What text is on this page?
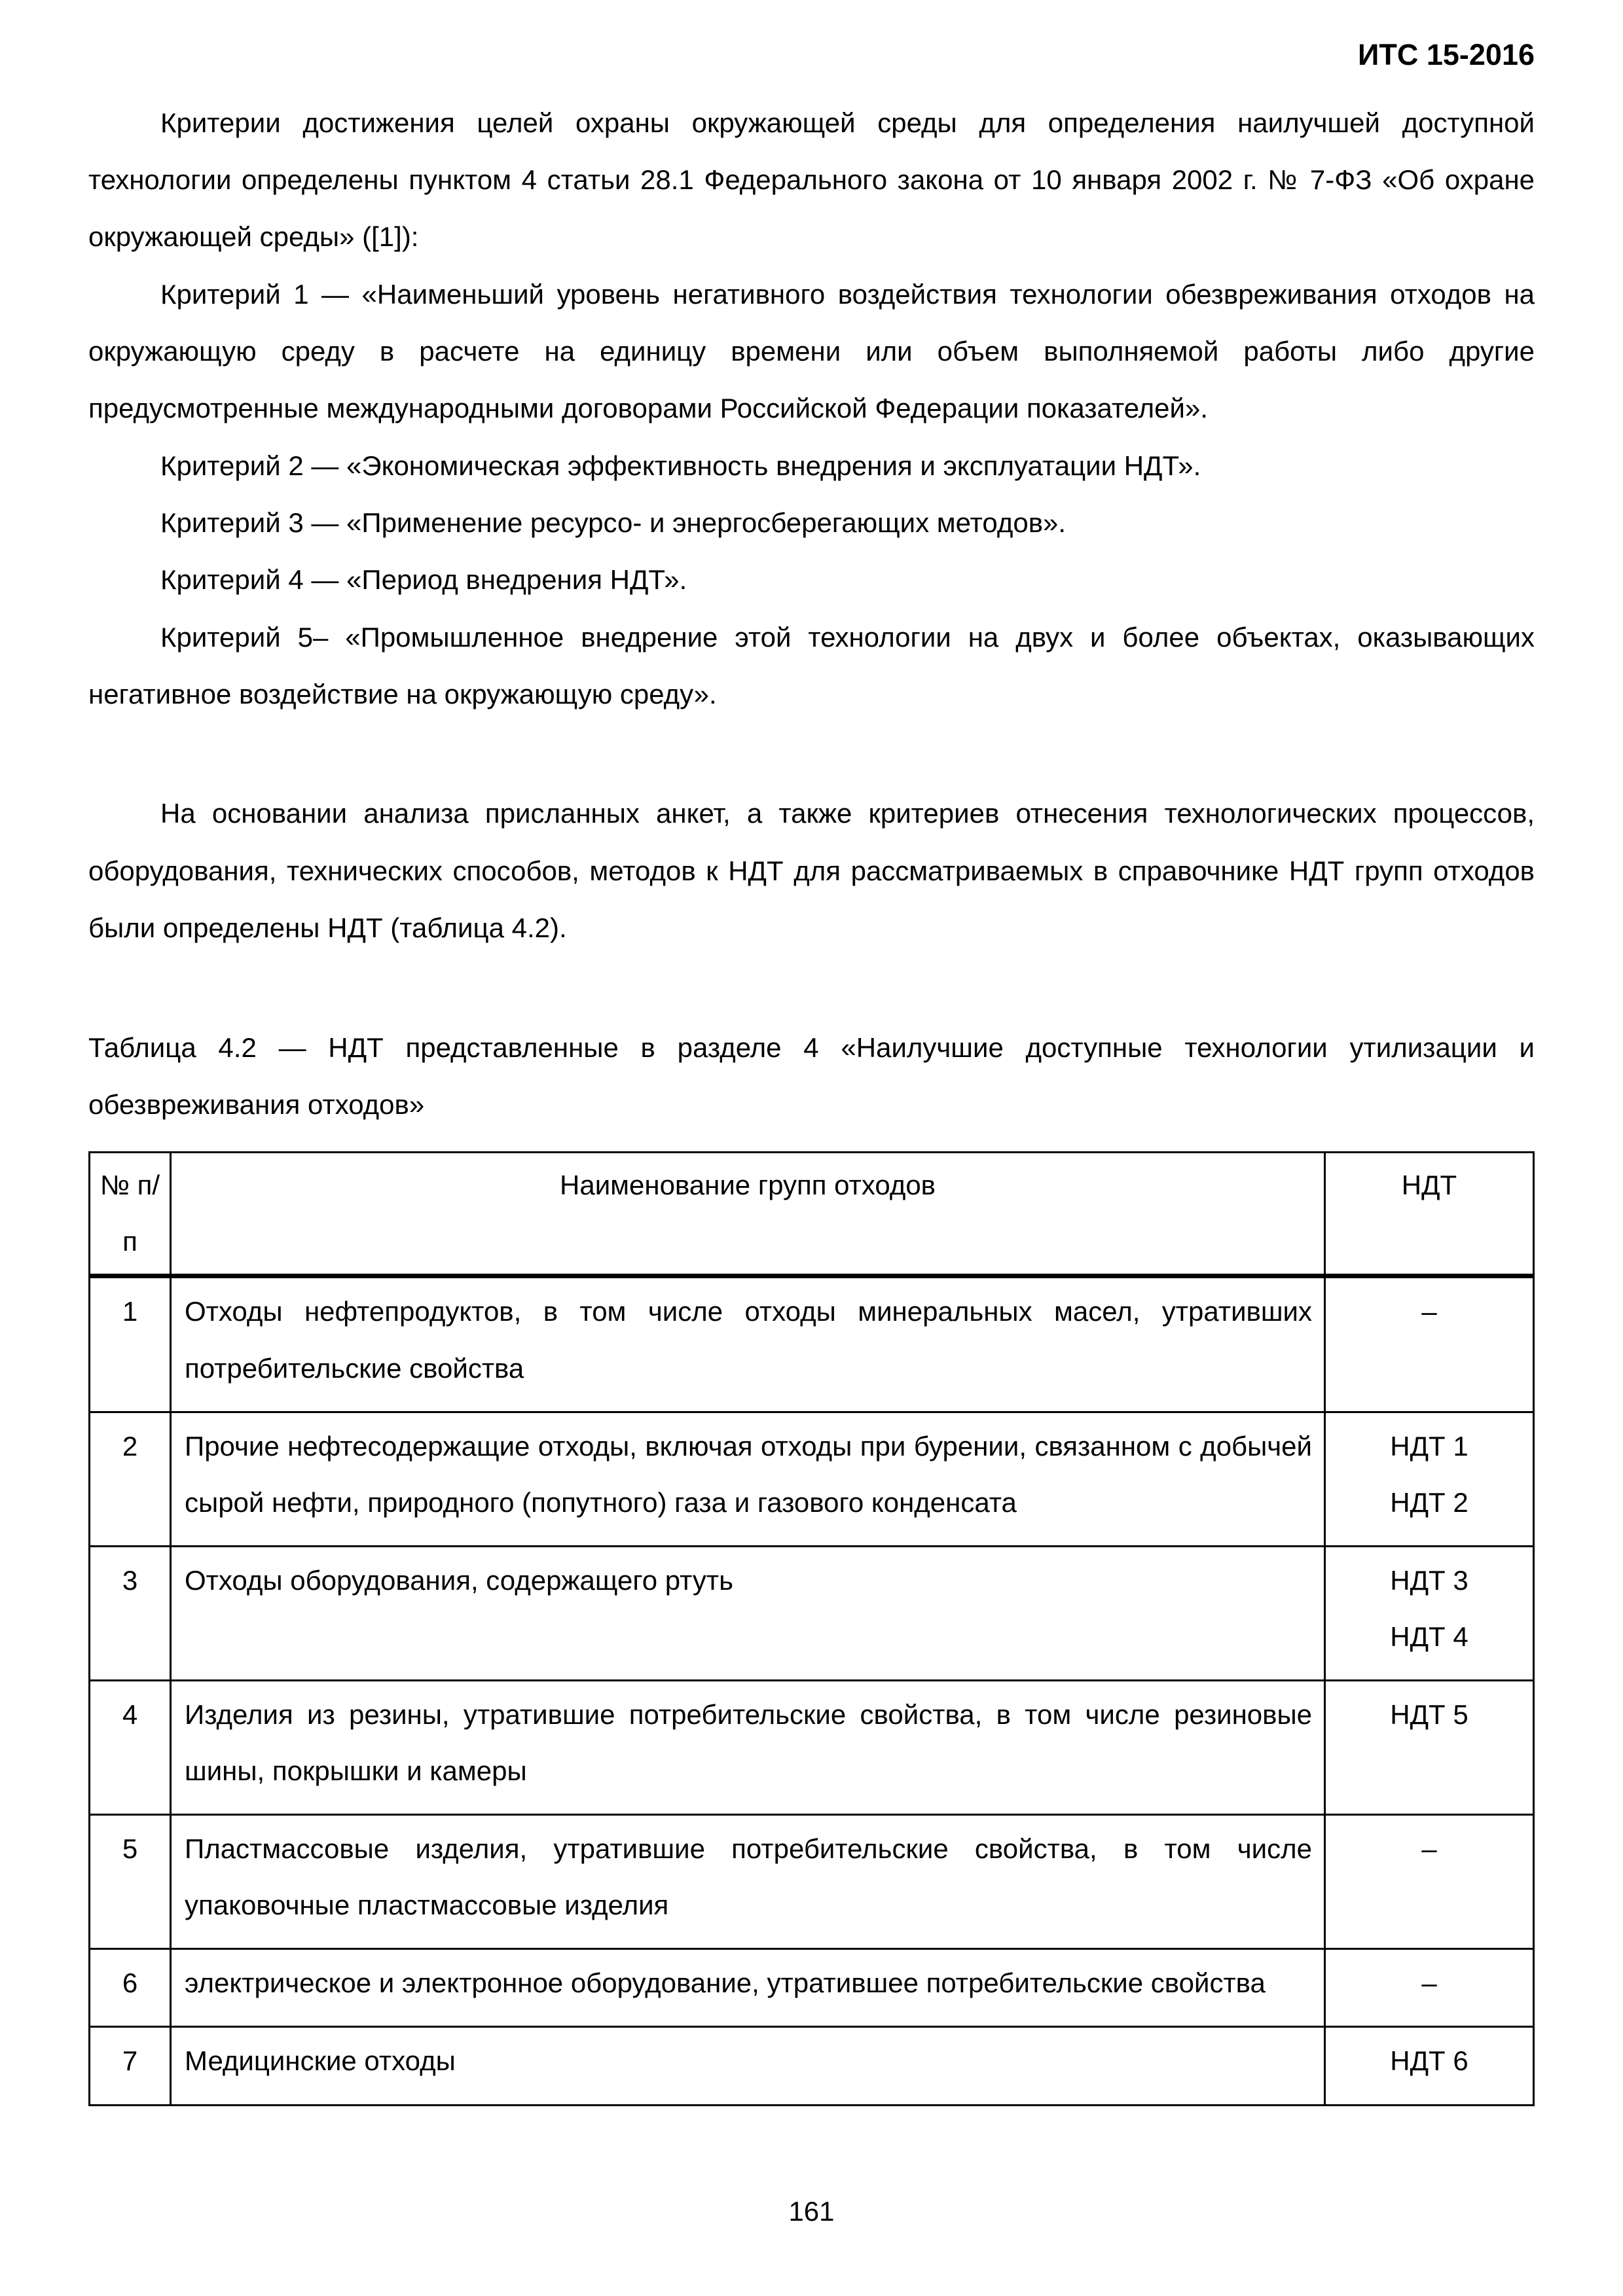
ИТС 15-2016

Критерии достижения целей охраны окружающей среды для определения наилучшей доступной технологии определены пунктом 4 статьи 28.1 Федерального закона от 10 января 2002 г. № 7-ФЗ «Об охране окружающей среды» ([1]):

Критерий 1 — «Наименьший уровень негативного воздействия технологии обезвреживания отходов на окружающую среду в расчете на единицу времени или объем выполняемой работы либо другие предусмотренные международными договорами Российской Федерации показателей».

Критерий 2 — «Экономическая эффективность внедрения и эксплуатации НДТ».

Критерий 3 — «Применение ресурсо- и энергосберегающих методов».

Критерий 4 — «Период внедрения НДТ».

Критерий 5– «Промышленное внедрение этой технологии на двух и более объектах, оказывающих негативное воздействие на окружающую среду».

На основании анализа присланных анкет, а также критериев отнесения технологических процессов, оборудования, технических способов, методов к НДТ для рассматриваемых в справочнике НДТ групп отходов были определены НДТ (таблица 4.2).

Таблица 4.2 — НДТ представленные в разделе 4 «Наилучшие доступные технологии утилизации и обезвреживания отходов»

№ п/п	Наименование групп отходов	НДТ
1	Отходы нефтепродуктов, в том числе отходы минеральных масел, утративших потребительские свойства	–

2	Прочие нефтесодержащие отходы, включая отходы при бурении, связанном с добычей сырой нефти, природного (попутного) газа и газового конденсата	НДТ 1
НДТ 2

3	Отходы оборудования, содержащего ртуть	НДТ 3
НДТ 4

4	Изделия из резины, утратившие потребительские свойства, в том числе резиновые шины, покрышки и камеры	НДТ 5

5	Пластмассовые изделия, утратившие потребительские свойства, в том числе упаковочные пластмассовые изделия	–

6	электрическое и электронное оборудование, утратившее потребительские свойства	–

7	Медицинские отходы	НДТ 6
161
